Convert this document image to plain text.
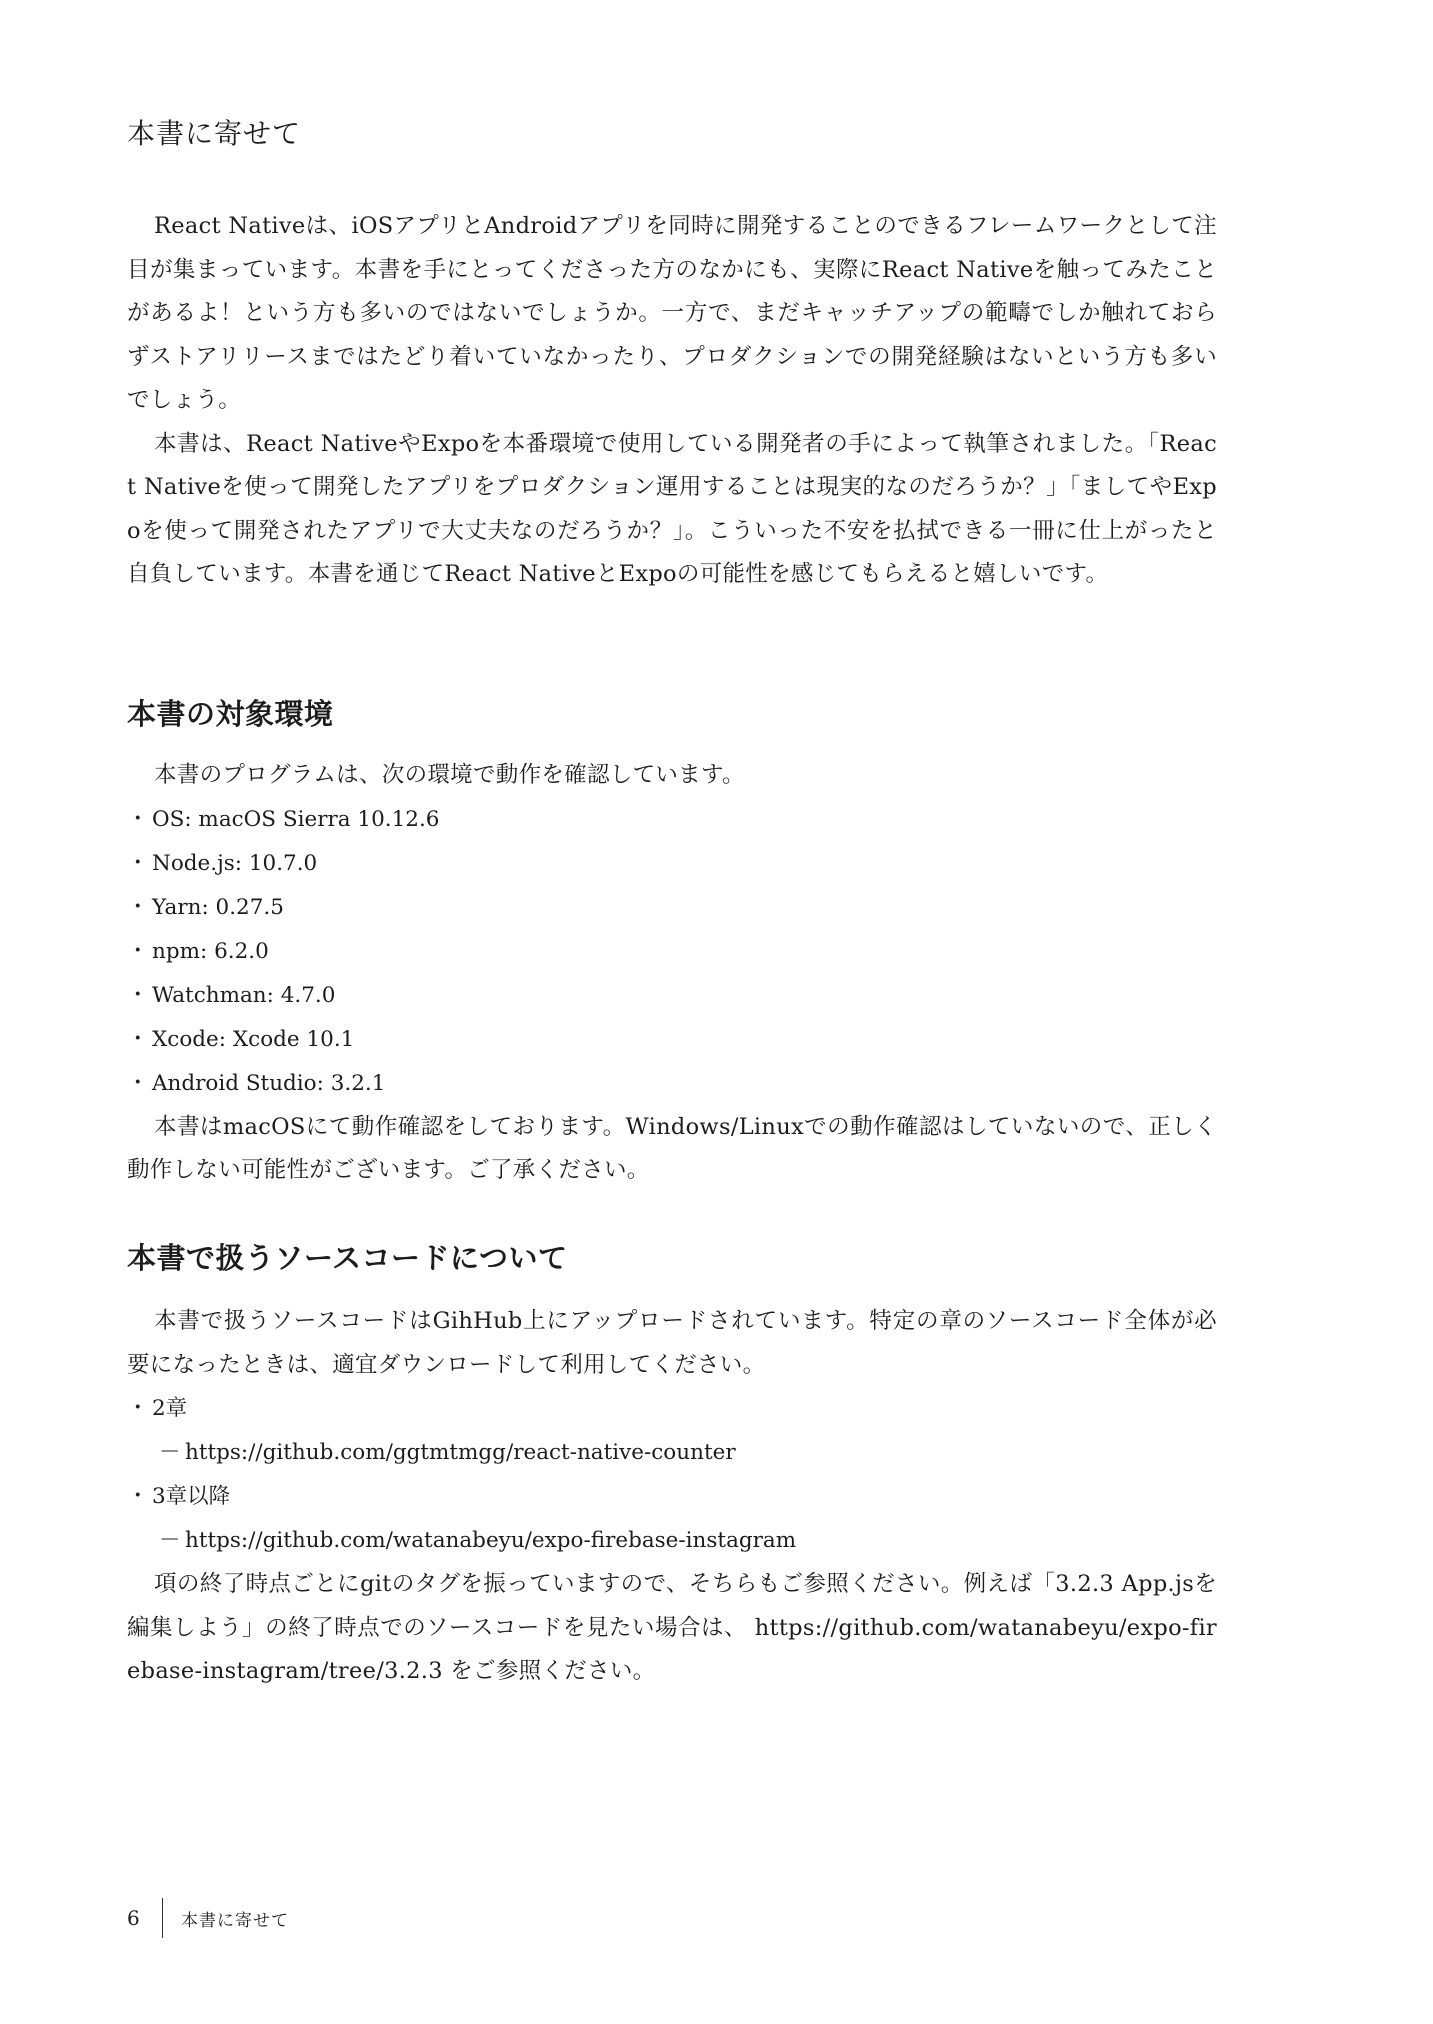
本書に寄せて

React Nativeは、iOSアプリとAndroidアプリを同時に開発することのできるフレームワークとして注目が集まっています。本書を手にとってくださった方のなかにも、実際にReact Nativeを触ってみたことがあるよ！という方も多いのではないでしょうか。一方で、まだキャッチアップの範疇でしか触れておらずストアリリースまではたどり着いていなかったり、プロダクションでの開発経験はないという方も多いでしょう。

本書は、React NativeやExpoを本番環境で使用している開発者の手によって執筆されました。「React Nativeを使って開発したアプリをプロダクション運用することは現実的なのだろうか？」「ましてやExpoを使って開発されたアプリで大丈夫なのだろうか？」。こういった不安を払拭できる一冊に仕上がったと自負しています。本書を通じてReact NativeとExpoの可能性を感じてもらえると嬉しいです。

本書の対象環境

本書のプログラムは、次の環境で動作を確認しています。

・ OS: macOS Sierra 10.12.6
・ Node.js: 10.7.0
・ Yarn: 0.27.5
・ npm: 6.2.0
・ Watchman: 4.7.0
・ Xcode: Xcode 10.1
・ Android Studio: 3.2.1

本書はmacOSにて動作確認をしております。Windows/Linuxでの動作確認はしていないので、正しく動作しない可能性がございます。ご了承ください。

本書で扱うソースコードについて

本書で扱うソースコードはGihHub上にアップロードされています。特定の章のソースコード全体が必要になったときは、適宜ダウンロードして利用してください。

・ 2章
－ https://github.com/ggtmtmgg/react-native-counter
・ 3章以降
－ https://github.com/watanabeyu/expo-firebase-instagram

項の終了時点ごとにgitのタグを振っていますので、そちらもご参照ください。例えば「3.2.3 App.jsを編集しよう」の終了時点でのソースコードを見たい場合は、 https://github.com/watanabeyu/expo-firebase-instagram/tree/3.2.3 をご参照ください。

6	本書に寄せて
